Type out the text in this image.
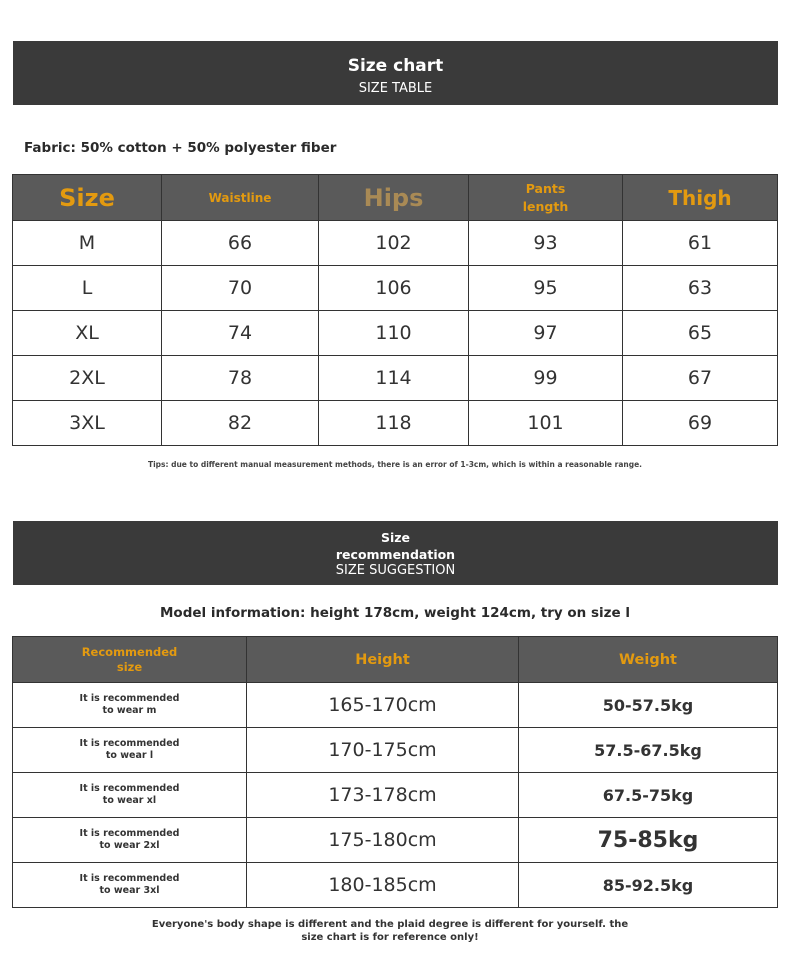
Size chart
SIZE TABLE
Fabric: 50% cotton + 50% polyester fiber
Size	Waistline	Hips	Pants
length	Thigh
M	66	102	93	61
L	70	106	95	63
XL	74	110	97	65
2XL	78	114	99	67
3XL	82	118	101	69
Tips: due to different manual measurement methods, there is an error of 1-3cm, which is within a reasonable range.
Size
recommendation
SIZE SUGGESTION
Model information: height 178cm, weight 124cm, try on size l
Recommended
size	Height	Weight

It is recommended
to wear m	165-170cm	50-57.5kg

It is recommended
to wear l	170-175cm	57.5-67.5kg

It is recommended
to wear xl	173-178cm	67.5-75kg

It is recommended
to wear 2xl	175-180cm	75-85kg

It is recommended
to wear 3xl	180-185cm	85-92.5kg
Everyone's body shape is different and the plaid degree is different for yourself. the size chart is for reference only!
